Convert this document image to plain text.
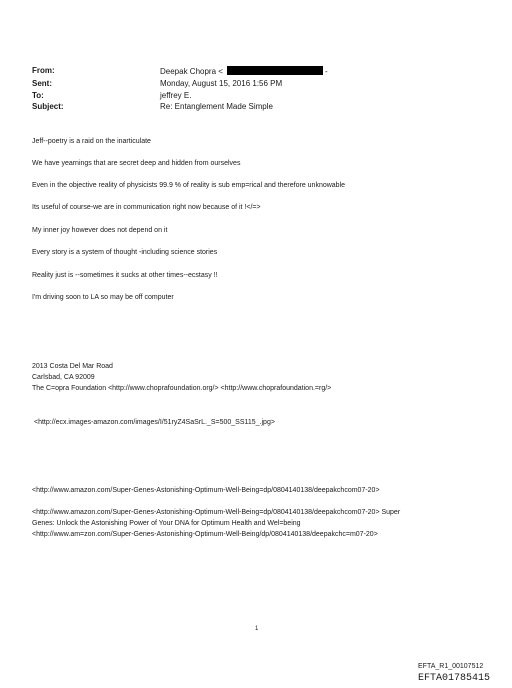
From:	Deepak Chopra <	-
Sent:	Monday, August 15, 2016 1:56 PM
To:	jeffrey E.
Subject:	Re: Entanglement Made Simple
Jeff--poetry is a raid on the inarticulate
We have yearnings that are secret deep and hidden from ourselves
Even in the objective reality of physicists 99.9 % of reality is sub emp=rical and therefore unknowable
Its useful of course-we are in communication right now because of it !</=>
My inner joy however does not depend on it
Every story is a system of thought -including science stories
Reality just is --sometimes it sucks at other times--ecstasy !!
I'm driving soon to LA so may be off computer
2013 Costa Del Mar Road
Carlsbad, CA 92009
The C=opra Foundation <http://www.choprafoundation.org/> <http://www.choprafoundation.=rg/>
<http://ecx.images-amazon.com/images/I/51ryZ4SaSrL._S=500_SS115_.jpg>
<http://www.amazon.com/Super-Genes-Astonishing-Optimum-Well-Being=dp/0804140138/deepakchcom07-20>
<http://www.amazon.com/Super-Genes-Astonishing-Optimum-Well-Being=dp/0804140138/deepakchcom07-20> Super
Genes: Unlock the Astonishing Power of Your DNA for Optimum Health and Wel=being
<http://www.am=zon.com/Super-Genes-Astonishing-Optimum-Well-Being/dp/0804140138/deepakchc=m07-20>
1
EFTA_R1_00107512
EFTA01785415
